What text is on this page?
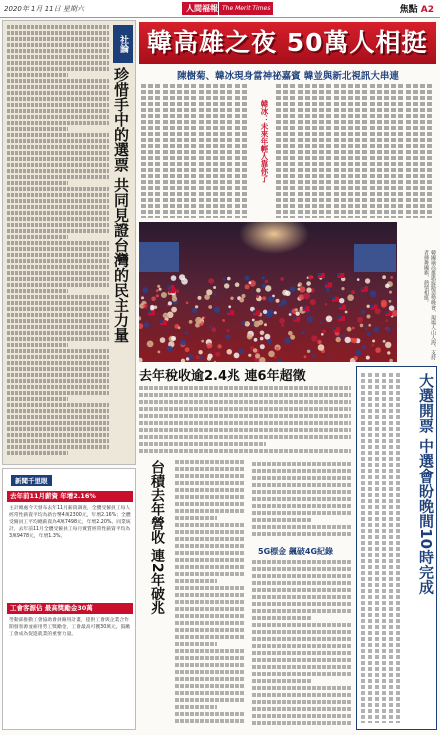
2020年 1月 11日 星期六	人間福報 The Merit Times	焦點 A2
社論
珍惜手中的選票 共同見證台灣的民主力量
新聞千里眼
去年前11月薪資 年增2.16%
主計總處今天發布去年11月薪資調查，全體受僱員工每人經常性薪資平均為新台幣4萬2300元，年增2.16%；全體受僱員工平均總薪資為4萬7498元，年增2.20%。同業統計，去年前11月全體受僱員工每月實質經常性薪資平均為3萬9478元，年增1.3%。
工會客源佔 最高獎勵金30萬
勞動部推動工會協助會員僱用計畫，提供工會與企業合作開發客源並雇用勞工獎勵金，工會最高可獲30萬元，鼓勵工會成為促進就業的重要力量。
韓高雄之夜 50萬人相挺
陳樹菊、韓冰現身當神祕嘉賓 韓並與新北視訊大串連
韓冰：未來年輕人靠你了
韓國瑜高雄凱旋路造勢晚會，現場人山人海，支持者揮舞國旗，熱情相挺。
去年稅收逾2.4兆 連6年超徵
台積去年營收 連2年破兆	5G標金 飆破4G紀錄	大選開票 中選會盼晚間10時完成
